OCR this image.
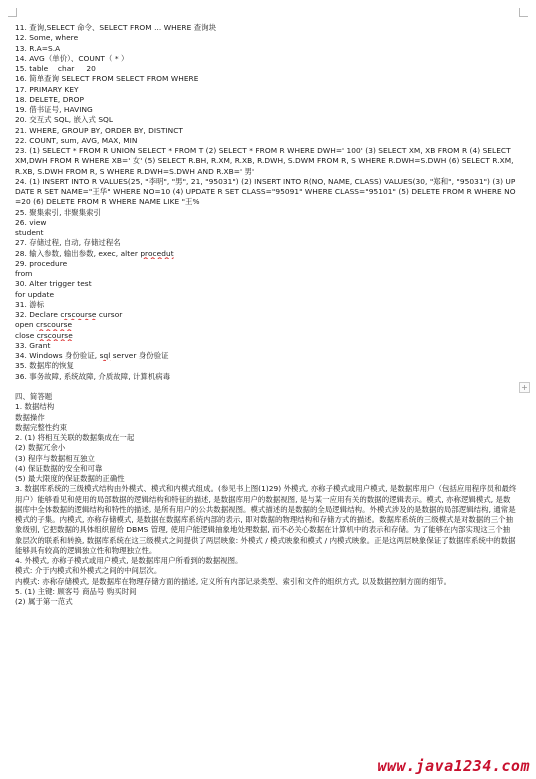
11. 查询,SELECT 命令、SELECT FROM ... WHERE 查询块
12. Some, where
13. R.A=S.A
14. AVG（单价）、COUNT（ * ）
15. table    char     20
16. 简单查询 SELECT FROM SELECT FROM WHERE
17. PRIMARY KEY
18. DELETE, DROP
19. 借书证号, HAVING
20. 交互式 SQL, 嵌入式 SQL
21. WHERE, GROUP BY, ORDER BY, DISTINCT
22. COUNT, sum, AVG, MAX, MIN
23. (1) SELECT * FROM R UNION SELECT * FROM T (2) SELECT * FROM R WHERE DWH=' 100' (3) SELECT XM, XB FROM R (4) SELECT XM,DWH FROM R WHERE XB=' 女' (5) SELECT R.BH, R.XM, R.XB, R.DWH, S.DWM FROM R, S WHERE R.DWH=S.DWH (6) SELECT R.XM, R.XB, S.DWH FROM R, S WHERE R.DWH=S.DWH AND R.XB=' 男'
24. (1) INSERT INTO R VALUES(25, "李明", "男", 21, "95031") (2) INSERT INTO R(NO, NAME, CLASS) VALUES(30, "郑和", "95031") (3) UPDATE R SET NAME="王华" WHERE NO=10 (4) UPDATE R SET CLASS="95091" WHERE CLASS="95101" (5) DELETE FROM R WHERE NO=20 (6) DELETE FROM R WHERE NAME LIKE "王%
25. 聚集索引, 非聚集索引
26. view
student
27. 存储过程, 自动, 存储过程名
28. 输入参数, 输出参数, exec, alter procedut
29. procedure
from
30. Alter trigger test
for update
31. 游标
32. Declare crscourse cursor
open crscourse
close crscourse
33. Grant
34. Windows 身份验证, sql server 身份验证
35. 数据库的恢复
36. 事务故障, 系统故障, 介质故障, 计算机病毒
四、简答题
1. 数据结构
数据操作
数据完整性约束
2. (1) 将相互关联的数据集成在一起
(2) 数据冗余小
(3) 程序与数据相互独立
(4) 保证数据的安全和可靠
(5) 最大限度的保证数据的正确性
3. 数据库系统的三级模式结构由外模式、模式和内模式组成。(参见书上图(1)29) 外模式, 亦称子模式或用户模式, 是数据库用户（包括应用程序员和最终用户）能够看见和使用的局部数据的逻辑结构和特征的描述, 是数据库用户的数据视图, 是与某一应用有关的数据的逻辑表示。模式, 亦称逻辑模式, 是数据库中全体数据的逻辑结构和特性的描述, 是所有用户的公共数据视图。模式描述的是数据的全局逻辑结构。外模式涉及的是数据的局部逻辑结构, 通常是模式的子集。内模式, 亦称存储模式, 是数据在数据库系统内部的表示, 即对数据的物理结构和存储方式的描述。数据库系统的三级模式是对数据的三个抽象级别, 它把数据的具体组织留给 DBMS 管理, 使用户能逻辑抽象地处理数据, 而不必关心数据在计算机中的表示和存储。为了能够在内部实现这三个抽象层次的联系和转换, 数据库系统在这三级模式之间提供了两层映象: 外模式 / 模式映象和模式 / 内模式映象。正是这两层映象保证了数据库系统中的数据能够具有较高的逻辑独立性和物理独立性。
4. 外模式, 亦称子模式或用户模式, 是数据库用户所看到的数据视图。
模式: 介于内模式和外模式之间的中间层次。
内模式: 亦称存储模式, 是数据库在物理存储方面的描述, 定义所有内部记录类型、索引和文件的组织方式, 以及数据控制方面的细节。
5. (1) 主键: 顾客号 商品号 购买时间
(2) 属于第一范式
+
www.java1234.com
